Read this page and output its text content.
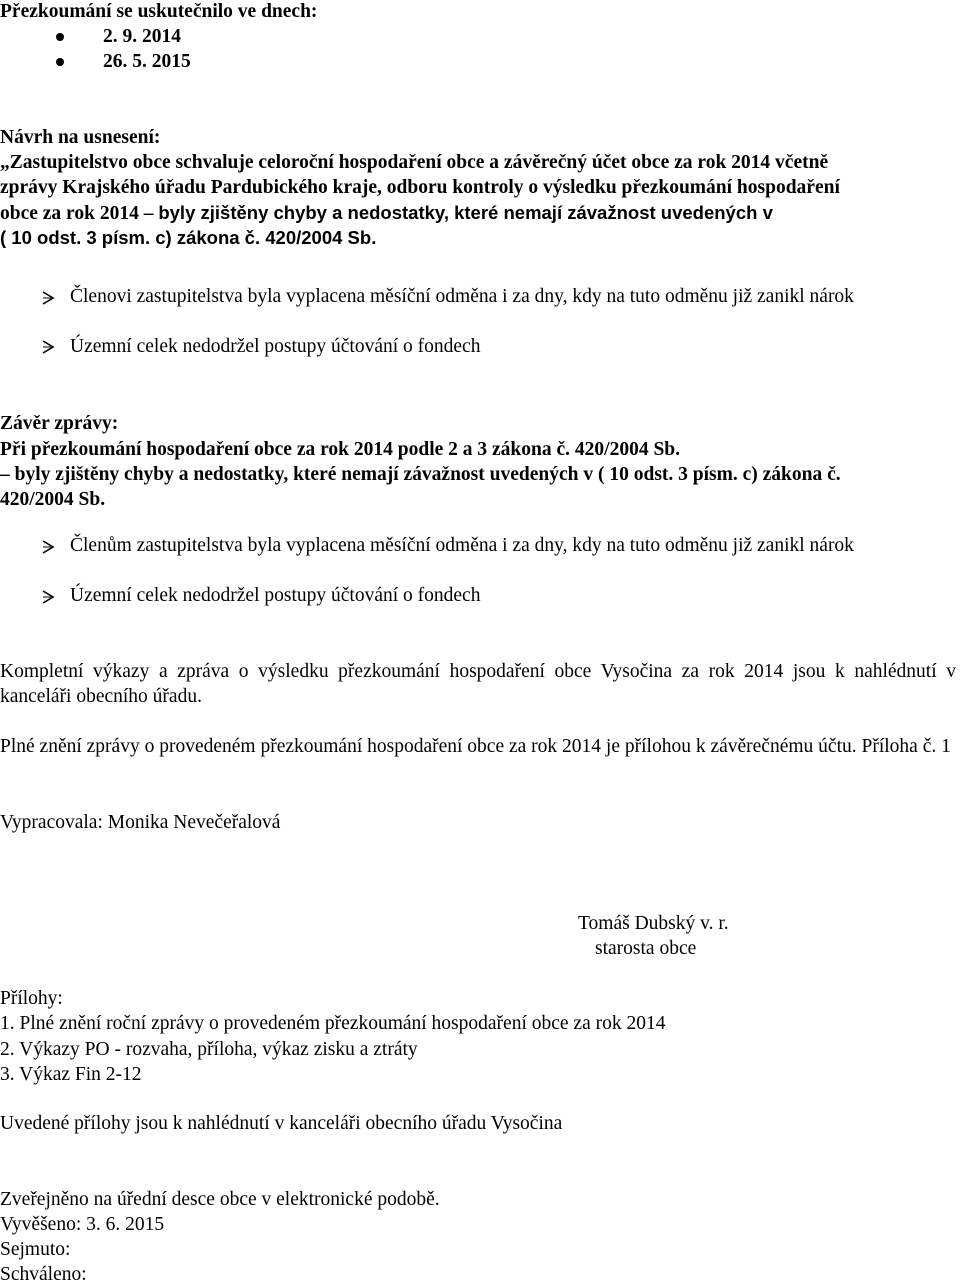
Přezkoumání se uskutečnilo ve dnech:
2. 9. 2014
26. 5. 2015
Návrh na usnesení:
„Zastupitelstvo obce schvaluje celoroční hospodaření obce a závěrečný účet obce za rok 2014 včetně
zprávy Krajského úřadu Pardubického kraje, odboru kontroly o výsledku přezkoumání hospodaření
obce za rok 2014 – byly zjištěny chyby a nedostatky, které nemají závažnost uvedených v
( 10 odst. 3 písm. c) zákona č. 420/2004 Sb.
Členovi zastupitelstva byla vyplacena měsíční odměna i za dny, kdy na tuto odměnu již zanikl nárok
Územní celek nedodržel postupy účtování o fondech
Závěr zprávy:
Při přezkoumání hospodaření obce za rok 2014 podle 2 a 3 zákona č. 420/2004 Sb.
– byly zjištěny chyby a nedostatky, které nemají závažnost uvedených v ( 10 odst. 3 písm. c) zákona č.
420/2004 Sb.
Členům zastupitelstva byla vyplacena měsíční odměna i za dny, kdy na tuto odměnu již zanikl nárok
Územní celek nedodržel postupy účtování o fondech
Kompletní výkazy a zpráva o výsledku přezkoumání hospodaření obce Vysočina za rok 2014 jsou k nahlédnutí v kanceláři obecního úřadu.
Plné znění zprávy o provedeném přezkoumání hospodaření obce za rok 2014 je přílohou k závěrečnému účtu. Příloha č. 1
Vypracovala: Monika Nevečeřalová
Tomáš Dubský v. r.
starosta obce
Přílohy:
1. Plné znění roční zprávy o provedeném přezkoumání hospodaření obce za rok 2014
2. Výkazy PO - rozvaha, příloha, výkaz zisku a ztráty
3. Výkaz Fin 2-12
Uvedené přílohy jsou k nahlédnutí v kanceláři obecního úřadu Vysočina
Zveřejněno na úřední desce obce v elektronické podobě.
Vyvěšeno: 3. 6. 2015
Sejmuto:
Schváleno:
